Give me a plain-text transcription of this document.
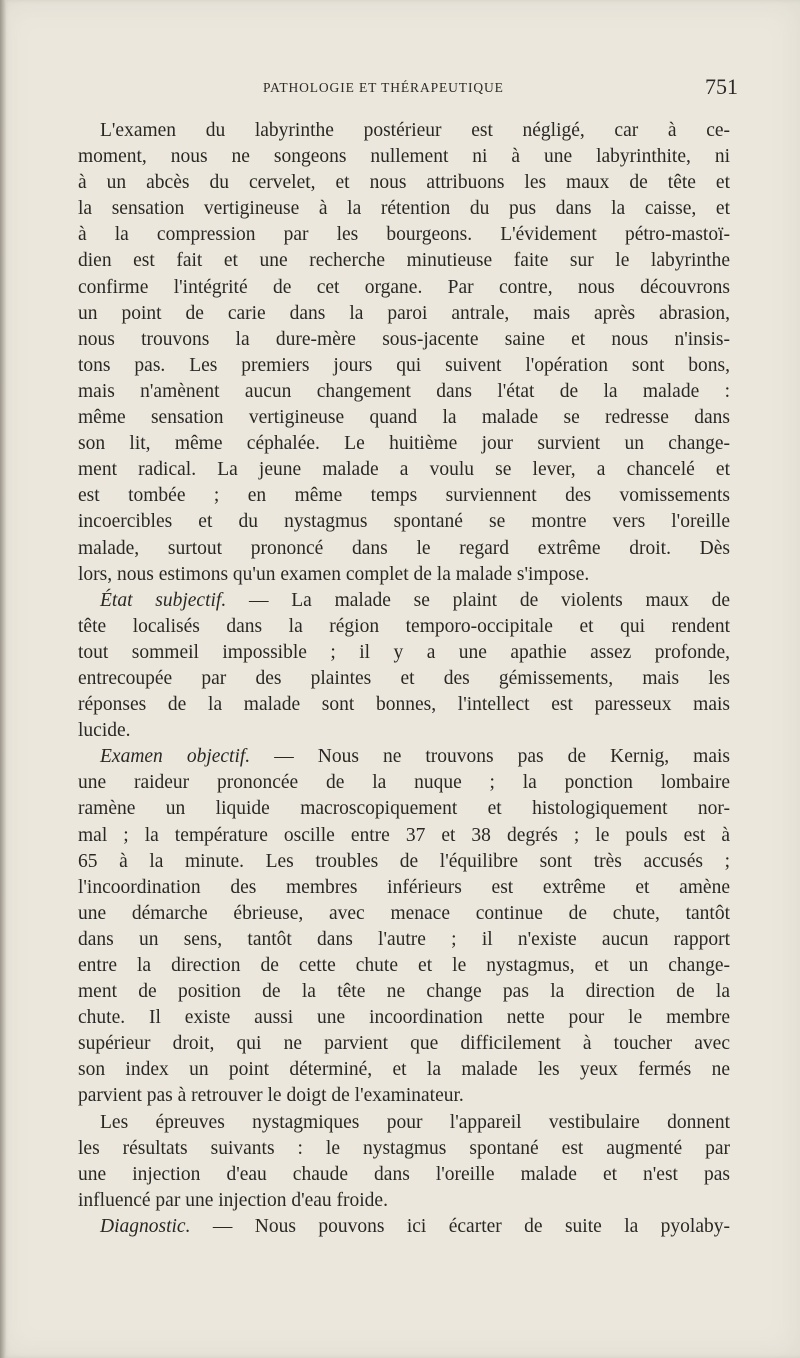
PATHOLOGIE ET THÉRAPEUTIQUE	751
L'examen du labyrinthe postérieur est négligé, car à ce-
moment, nous ne songeons nullement ni à une labyrinthite, ni
à un abcès du cervelet, et nous attribuons les maux de tête et
la sensation vertigineuse à la rétention du pus dans la caisse, et
à la compression par les bourgeons. L'évidement pétro-mastoï-
dien est fait et une recherche minutieuse faite sur le labyrinthe
confirme l'intégrité de cet organe. Par contre, nous découvrons
un point de carie dans la paroi antrale, mais après abrasion,
nous trouvons la dure-mère sous-jacente saine et nous n'insis-
tons pas. Les premiers jours qui suivent l'opération sont bons,
mais n'amènent aucun changement dans l'état de la malade :
même sensation vertigineuse quand la malade se redresse dans
son lit, même céphalée. Le huitième jour survient un change-
ment radical. La jeune malade a voulu se lever, a chancelé et
est tombée ; en même temps surviennent des vomissements
incoercibles et du nystagmus spontané se montre vers l'oreille
malade, surtout prononcé dans le regard extrême droit. Dès
lors, nous estimons qu'un examen complet de la malade s'impose.
État subjectif. — La malade se plaint de violents maux de
tête localisés dans la région temporo-occipitale et qui rendent
tout sommeil impossible ; il y a une apathie assez profonde,
entrecoupée par des plaintes et des gémissements, mais les
réponses de la malade sont bonnes, l'intellect est paresseux mais
lucide.
Examen objectif. — Nous ne trouvons pas de Kernig, mais
une raideur prononcée de la nuque ; la ponction lombaire
ramène un liquide macroscopiquement et histologiquement nor-
mal ; la température oscille entre 37 et 38 degrés ; le pouls est à
65 à la minute. Les troubles de l'équilibre sont très accusés ;
l'incoordination des membres inférieurs est extrême et amène
une démarche ébrieuse, avec menace continue de chute, tantôt
dans un sens, tantôt dans l'autre ; il n'existe aucun rapport
entre la direction de cette chute et le nystagmus, et un change-
ment de position de la tête ne change pas la direction de la
chute. Il existe aussi une incoordination nette pour le membre
supérieur droit, qui ne parvient que difficilement à toucher avec
son index un point déterminé, et la malade les yeux fermés ne
parvient pas à retrouver le doigt de l'examinateur.
Les épreuves nystagmiques pour l'appareil vestibulaire donnent
les résultats suivants : le nystagmus spontané est augmenté par
une injection d'eau chaude dans l'oreille malade et n'est pas
influencé par une injection d'eau froide.
Diagnostic. — Nous pouvons ici écarter de suite la pyolaby-
